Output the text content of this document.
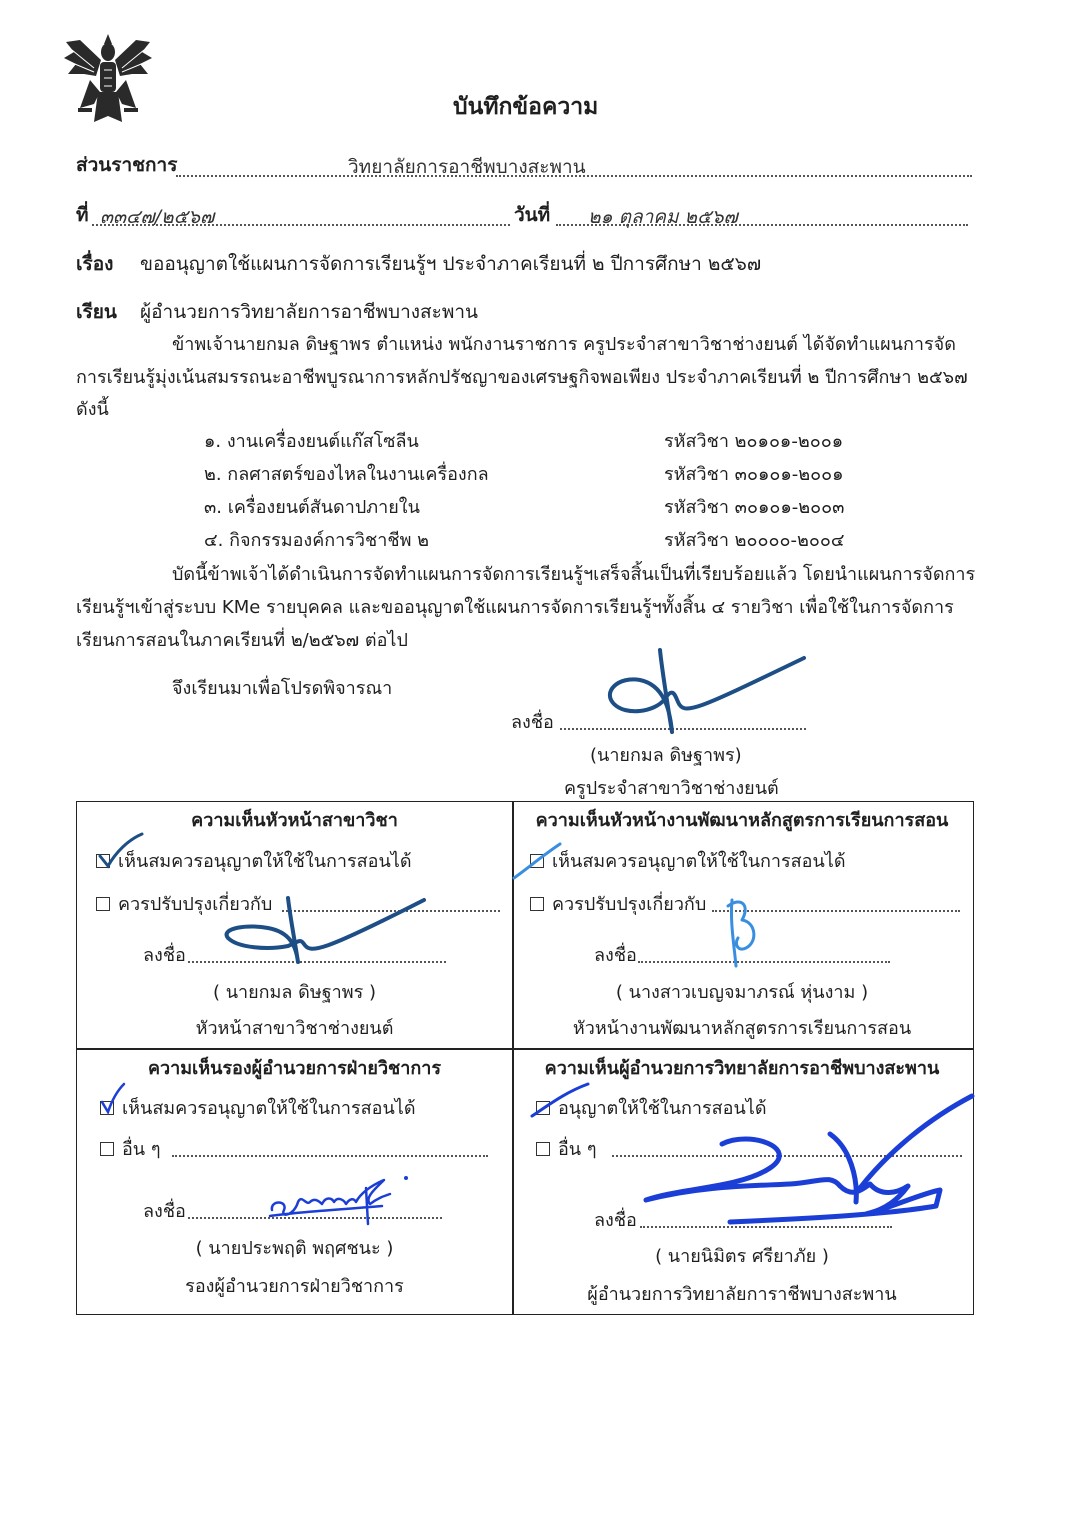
บันทึกข้อความ
ส่วนราชการ	วิทยาลัยการอาชีพบางสะพาน
ที่ ๓๓๔๗/๒๕๖๗	วันที่ ๒๑ ตุลาคม ๒๕๖๗
เรื่อง ขออนุญาตใช้แผนการจัดการเรียนรู้ฯ ประจำภาคเรียนที่ ๒ ปีการศึกษา ๒๕๖๗
เรียน ผู้อำนวยการวิทยาลัยการอาชีพบางสะพาน
ข้าพเจ้านายกมล ดิษฐาพร ตำแหน่ง พนักงานราชการ ครูประจำสาขาวิชาช่างยนต์ ได้จัดทำแผนการจัด
การเรียนรู้มุ่งเน้นสมรรถนะอาชีพบูรณาการหลักปรัชญาของเศรษฐกิจพอเพียง ประจำภาคเรียนที่ ๒ ปีการศึกษา ๒๕๖๗
ดังนี้
๑. งานเครื่องยนต์แก๊สโซลีน	รหัสวิชา ๒๐๑๐๑-๒๐๐๑
๒. กลศาสตร์ของไหลในงานเครื่องกล	รหัสวิชา ๓๐๑๐๑-๒๐๐๑
๓. เครื่องยนต์สันดาปภายใน	รหัสวิชา ๓๐๑๐๑-๒๐๐๓
๔. กิจกรรมองค์การวิชาชีพ ๒	รหัสวิชา ๒๐๐๐๐-๒๐๐๔
บัดนี้ข้าพเจ้าได้ดำเนินการจัดทำแผนการจัดการเรียนรู้ฯเสร็จสิ้นเป็นที่เรียบร้อยแล้ว โดยนำแผนการจัดการ
เรียนรู้ฯเข้าสู่ระบบ KMe รายบุคคล และขออนุญาตใช้แผนการจัดการเรียนรู้ฯทั้งสิ้น ๔ รายวิชา เพื่อใช้ในการจัดการ
เรียนการสอนในภาคเรียนที่ ๒/๒๕๖๗ ต่อไป
จึงเรียนมาเพื่อโปรดพิจารณา
ลงชื่อ
(นายกมล ดิษฐาพร)
ครูประจำสาขาวิชาช่างยนต์
ความเห็นหัวหน้าสาขาวิชา
เห็นสมควรอนุญาตให้ใช้ในการสอนได้
ควรปรับปรุงเกี่ยวกับ
ลงชื่อ
( นายกมล ดิษฐาพร )
หัวหน้าสาขาวิชาช่างยนต์
ความเห็นหัวหน้างานพัฒนาหลักสูตรการเรียนการสอน
เห็นสมควรอนุญาตให้ใช้ในการสอนได้
ควรปรับปรุงเกี่ยวกับ
ลงชื่อ
( นางสาวเบญจมาภรณ์ หุ่นงาม )
หัวหน้างานพัฒนาหลักสูตรการเรียนการสอน
ความเห็นรองผู้อำนวยการฝ่ายวิชาการ
เห็นสมควรอนุญาตให้ใช้ในการสอนได้
อื่น ๆ
ลงชื่อ
( นายประพฤติ พฤศชนะ )
รองผู้อำนวยการฝ่ายวิชาการ
ความเห็นผู้อำนวยการวิทยาลัยการอาชีพบางสะพาน
อนุญาตให้ใช้ในการสอนได้
อื่น ๆ
ลงชื่อ
( นายนิมิตร ศรียาภัย )
ผู้อำนวยการวิทยาลัยการาชีพบางสะพาน
